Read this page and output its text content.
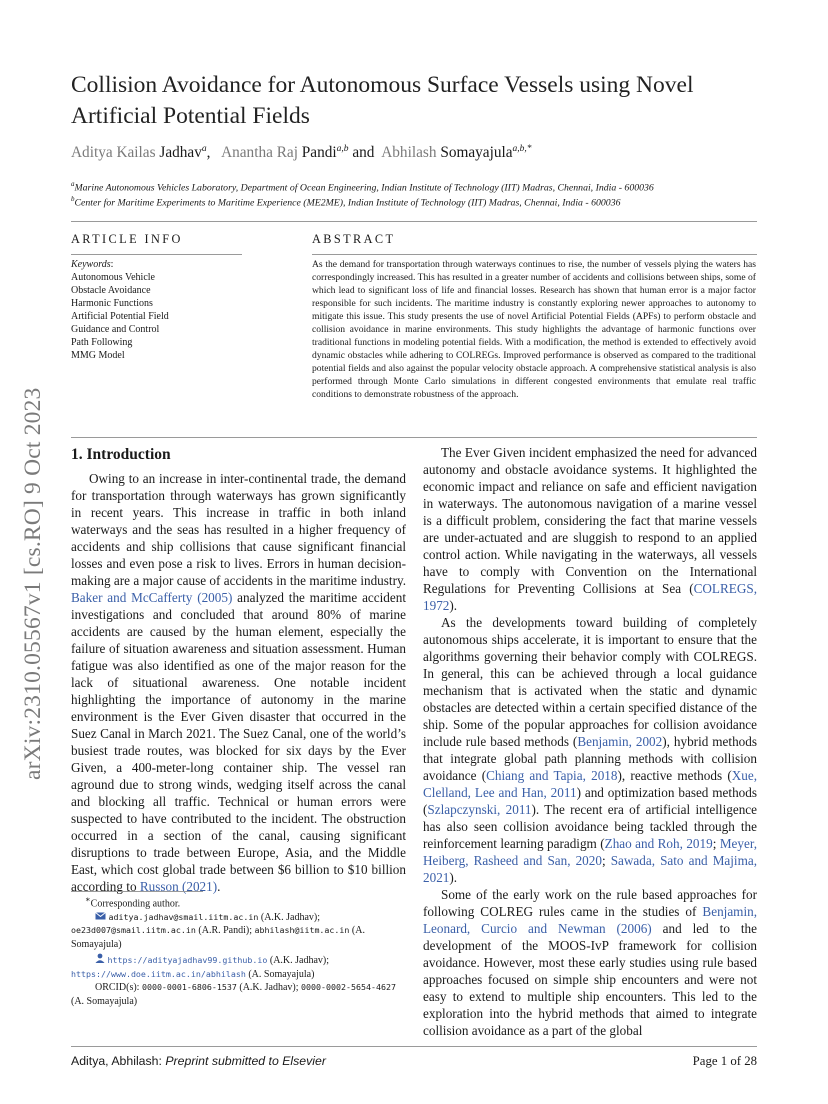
arXiv:2310.05567v1 [cs.RO] 9 Oct 2023
Collision Avoidance for Autonomous Surface Vessels using Novel Artificial Potential Fields
Aditya Kailas Jadhav$^a$,   Anantha Raj Pandi$^{a,b}$ and Abhilash Somayajula$^{a,b,*}$
$^a$Marine Autonomous Vehicles Laboratory, Department of Ocean Engineering, Indian Institute of Technology (IIT) Madras, Chennai, India - 600036
$^b$Center for Maritime Experiments to Maritime Experience (ME2ME), Indian Institute of Technology (IIT) Madras, Chennai, India - 600036
ARTICLE INFO
Keywords:
Autonomous Vehicle
Obstacle Avoidance
Harmonic Functions
Artificial Potential Field
Guidance and Control
Path Following
MMG Model
ABSTRACT
As the demand for transportation through waterways continues to rise, the number of vessels plying the waters has correspondingly increased. This has resulted in a greater number of accidents and collisions between ships, some of which lead to significant loss of life and financial losses. Research has shown that human error is a major factor responsible for such incidents. The maritime industry is constantly exploring newer approaches to autonomy to mitigate this issue. This study presents the use of novel Artificial Potential Fields (APFs) to perform obstacle and collision avoidance in marine environments. This study highlights the advantage of harmonic functions over traditional functions in modeling potential fields. With a modification, the method is extended to effectively avoid dynamic obstacles while adhering to COLREGs. Improved performance is observed as compared to the traditional potential fields and also against the popular velocity obstacle approach. A comprehensive statistical analysis is also performed through Monte Carlo simulations in different congested environments that emulate real traffic conditions to demonstrate robustness of the approach.
1. Introduction

Owing to an increase in inter-continental trade, the demand for transportation through waterways has grown significantly in recent years. This increase in traffic in both inland waterways and the seas has resulted in a higher frequency of accidents and ship collisions that cause significant financial losses and even pose a risk to lives. Errors in human decision-making are a major cause of accidents in the maritime industry. Baker and McCafferty (2005) analyzed the maritime accident investigations and concluded that around 80% of marine accidents are caused by the human element, especially the failure of situation awareness and situation assessment. Human fatigue was also identified as one of the major reason for the lack of situational awareness. One notable incident highlighting the importance of autonomy in the marine environment is the Ever Given disaster that occurred in the Suez Canal in March 2021. The Suez Canal, one of the world’s busiest trade routes, was blocked for six days by the Ever Given, a 400-meter-long container ship. The vessel ran aground due to strong winds, wedging itself across the canal and blocking all traffic. Technical or human errors were suspected to have contributed to the incident. The obstruction occurred in a section of the canal, causing significant disruptions to trade between Europe, Asia, and the Middle East, which cost global trade between $6 billion to $10 billion according to Russon (2021).

∗Corresponding author.
aditya.jadhav@smail.iitm.ac.in (A.K. Jadhav);
oe23d007@smail.iitm.ac.in (A.R. Pandi); abhilash@iitm.ac.in (A. Somayajula)
https://adityajadhav99.github.io (A.K. Jadhav);
https://www.doe.iitm.ac.in/abhilash (A. Somayajula)
ORCID(s): 0000-0001-6806-1537 (A.K. Jadhav); 0000-0002-5654-4627
(A. Somayajula)

The Ever Given incident emphasized the need for advanced autonomy and obstacle avoidance systems. It highlighted the economic impact and reliance on safe and efficient navigation in waterways. The autonomous navigation of a marine vessel is a difficult problem, considering the fact that marine vessels are under-actuated and are sluggish to respond to an applied control action. While navigating in the waterways, all vessels have to comply with Convention on the International Regulations for Preventing Collisions at Sea (COLREGS, 1972).

As the developments toward building of completely autonomous ships accelerate, it is important to ensure that the algorithms governing their behavior comply with COLREGS. In general, this can be achieved through a local guidance mechanism that is activated when the static and dynamic obstacles are detected within a certain specified distance of the ship. Some of the popular approaches for collision avoidance include rule based methods (Benjamin, 2002), hybrid methods that integrate global path planning methods with collision avoidance (Chiang and Tapia, 2018), reactive methods (Xue, Clelland, Lee and Han, 2011) and optimization based methods (Szlapczynski, 2011). The recent era of artificial intelligence has also seen collision avoidance being tackled through the reinforcement learning paradigm (Zhao and Roh, 2019; Meyer, Heiberg, Rasheed and San, 2020; Sawada, Sato and Majima, 2021).

Some of the early work on the rule based approaches for following COLREG rules came in the studies of Benjamin, Leonard, Curcio and Newman (2006) and led to the development of the MOOS-IvP framework for collision avoidance. However, most these early studies using rule based approaches focused on simple ship encounters and were not easy to extend to multiple ship encounters. This led to the exploration into the hybrid methods that aimed to integrate collision avoidance as a part of the global

Aditya, Abhilash: Preprint submitted to Elsevier	Page 1 of 28
